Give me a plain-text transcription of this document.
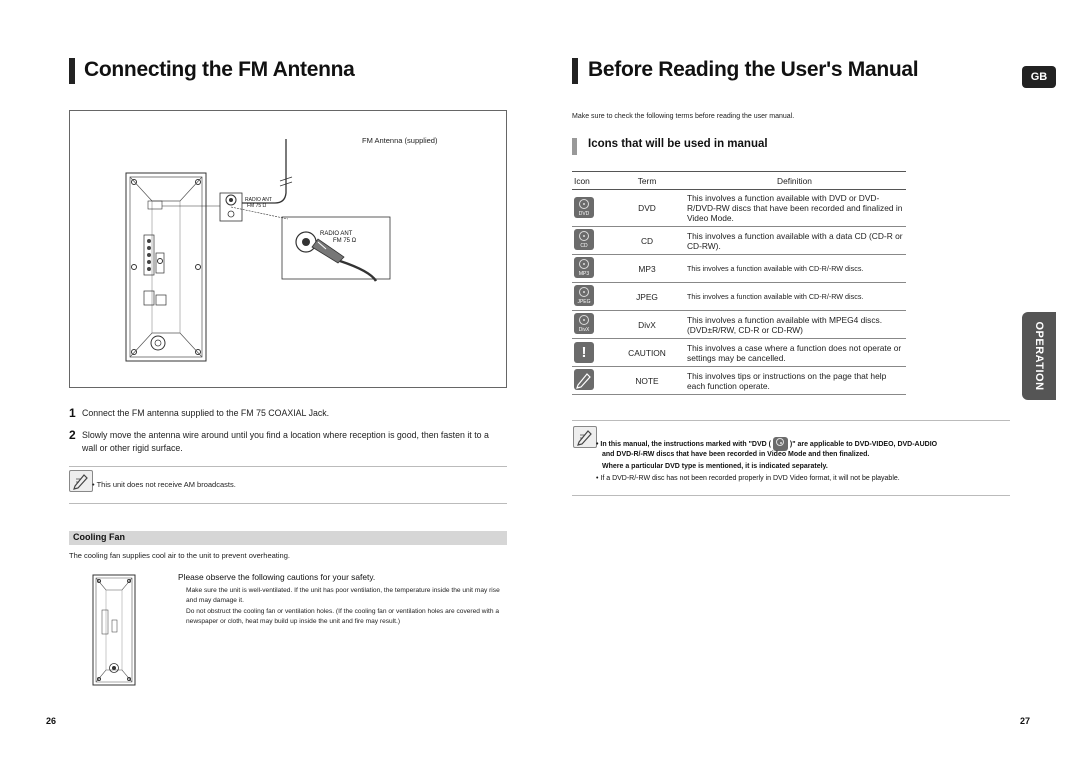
Connecting the FM Antenna
FM Antenna (supplied)
RADIO ANT
FM 75 Ω
RADIO ANT
FM 75 Ω
1 Connect the FM antenna supplied to the FM 75 COAXIAL Jack.
2 Slowly move the antenna wire around until you find a location where reception is good, then fasten it to a wall or other rigid surface.
• This unit does not receive AM broadcasts.
Cooling Fan
The cooling fan supplies cool air to the unit to prevent overheating.
Please observe the following cautions for your safety.
Make sure the unit is well-ventilated. If the unit has poor ventilation, the temperature inside the unit may rise and may damage it.
Do not obstruct the cooling fan or ventilation holes. (If the cooling fan or ventilation holes are covered with a newspaper or cloth, heat may build up inside the unit and fire may result.)
26
Before Reading the User's Manual	GB
Make sure to check the following terms before reading the user manual.
Icons that will be used in manual
Icon	Term	Definition

DVD	DVD	This involves a function available with DVD or DVD-R/DVD-RW discs that have been recorded and finalized in Video Mode.

CD	CD	This involves a function available with a data CD (CD-R or CD-RW).

MP3	MP3	This involves a function available with CD-R/-RW discs.

JPEG	JPEG	This involves a function available with CD-R/-RW discs.

DivX	DivX	This involves a function available with MPEG4 discs. (DVD±R/RW, CD-R or CD-RW)
!	CAUTION	This involves a case where a function does not operate or settings may be cancelled.

	NOTE	This involves tips or instructions on the page that help each function operate.	OPERATION
• In this manual, the instructions marked with "DVD (	)" are applicable to DVD-VIDEO, DVD-AUDIO
and DVD-R/-RW discs that have been recorded in Video Mode and then finalized.
Where a particular DVD type is mentioned, it is indicated separately.
• If a DVD-R/-RW disc has not been recorded properly in DVD Video format, it will not be playable.
27
